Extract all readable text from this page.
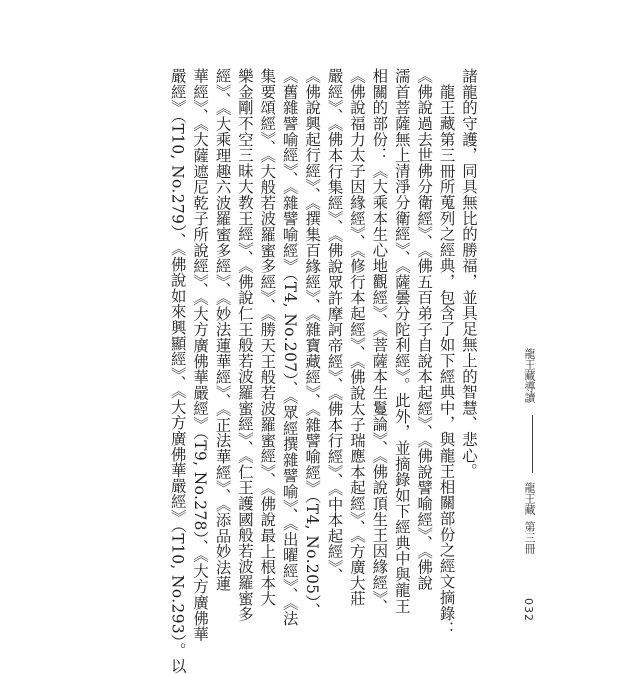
諸龍的守護，同具無比的勝福，並具足無上的智慧、悲心。
　龍王藏第三冊所蒐列之經典，包含了如下經典中，與龍王相關部份之經文摘錄：
《佛說過去世佛分衛經》、《佛五百弟子自說本起經》、《佛說譬喻經》、《佛說
濡首菩薩無上清淨分衛經》、《薩曇分陀利經》。此外，並摘錄如下經典中與龍王
相關的部份：《大乘本生心地觀經》、《菩薩本生鬘論》、《佛說頂生王因緣經》、
《佛說福力太子因緣經》、《修行本起經》、《佛說太子瑞應本起經》、《方廣大莊
嚴經》、《佛本行集經》、《佛說眾許摩訶帝經》、《佛本行經》、《中本起經》、
《佛說興起行經》、《撰集百緣經》、《雜寶藏經》、《雜譬喻經》（T4, No.205）、
《舊雜譬喻經》、《雜譬喻經》（T4, No.207）、《眾經撰雜譬喻》、《出曜經》、《法
集要頌經》、《大般若波羅蜜多經》、《勝天王般若波羅蜜經》、《佛說最上根本大
樂金剛不空三昧大教王經》、《佛說仁王般若波羅蜜經》、《仁王護國般若波羅蜜多
經》、《大乘理趣六波羅蜜多經》、《妙法蓮華經》、《正法華經》、《添品妙法蓮
華經》、《大薩遮尼乾子所說經》、《大方廣佛華嚴經》（T9, No.278）、《大方廣佛華
嚴經》（T10, No.279）、《佛說如來興顯經》、《大方廣佛華嚴經》（T10, No.293）。以	龍王藏導讀  龍王藏 第三冊
032
